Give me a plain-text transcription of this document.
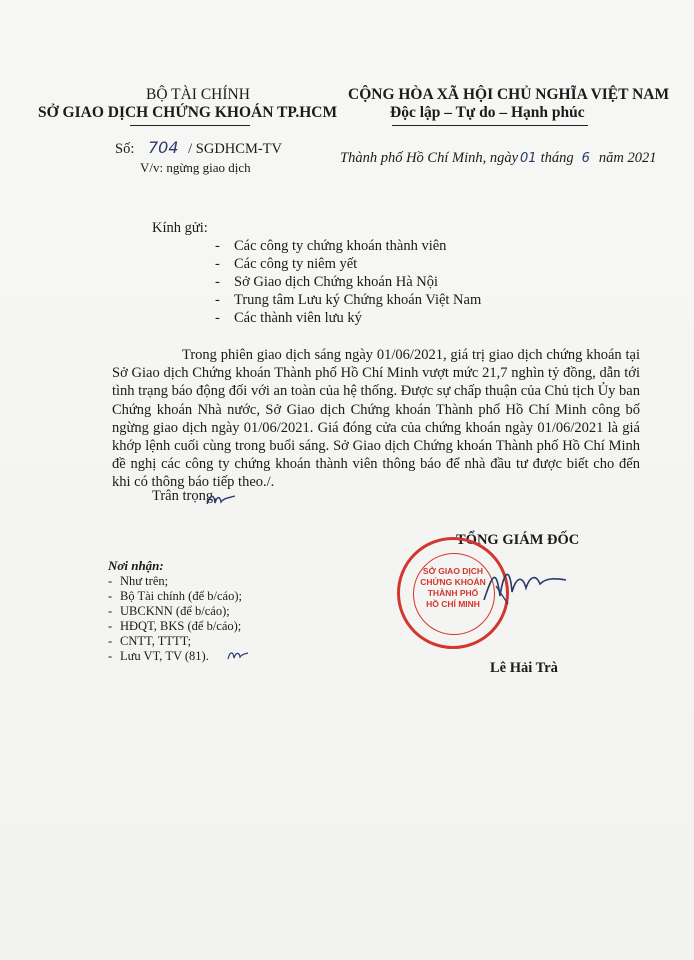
BỘ TÀI CHÍNH
SỞ GIAO DỊCH CHỨNG KHOÁN TP.HCM
CỘNG HÒA XÃ HỘI CHỦ NGHĨA VIỆT NAM
Độc lập – Tự do – Hạnh phúc
Số: 704 / SGDHCM-TV
V/v: ngừng giao dịch
Thành phố Hồ Chí Minh, ngày 01 tháng 6 năm 2021
Kính gửi:
- Các công ty chứng khoán thành viên
- Các công ty niêm yết
- Sở Giao dịch Chứng khoán Hà Nội
- Trung tâm Lưu ký Chứng khoán Việt Nam
- Các thành viên lưu ký
Trong phiên giao dịch sáng ngày 01/06/2021, giá trị giao dịch chứng khoán tại Sở Giao dịch Chứng khoán Thành phố Hồ Chí Minh vượt mức 21,7 nghìn tỷ đồng, dẫn tới tình trạng báo động đối với an toàn của hệ thống. Được sự chấp thuận của Chủ tịch Ủy ban Chứng khoán Nhà nước, Sở Giao dịch Chứng khoán Thành phố Hồ Chí Minh công bố ngừng giao dịch ngày 01/06/2021. Giá đóng cửa của chứng khoán ngày 01/06/2021 là giá khớp lệnh cuối cùng trong buổi sáng. Sở Giao dịch Chứng khoán Thành phố Hồ Chí Minh đề nghị các công ty chứng khoán thành viên thông báo để nhà đầu tư được biết cho đến khi có thông báo tiếp theo./.
Trân trọng.
TỔNG GIÁM ĐỐC
SỞ GIAO DỊCH
CHỨNG KHOÁN
THÀNH PHỐ
HỒ CHÍ MINH
Lê Hải Trà
Nơi nhận:
- Như trên;
- Bộ Tài chính (để b/cáo);
- UBCKNN (để b/cáo);
- HĐQT, BKS (để b/cáo);
- CNTT, TTTT;
- Lưu VT, TV (81).
